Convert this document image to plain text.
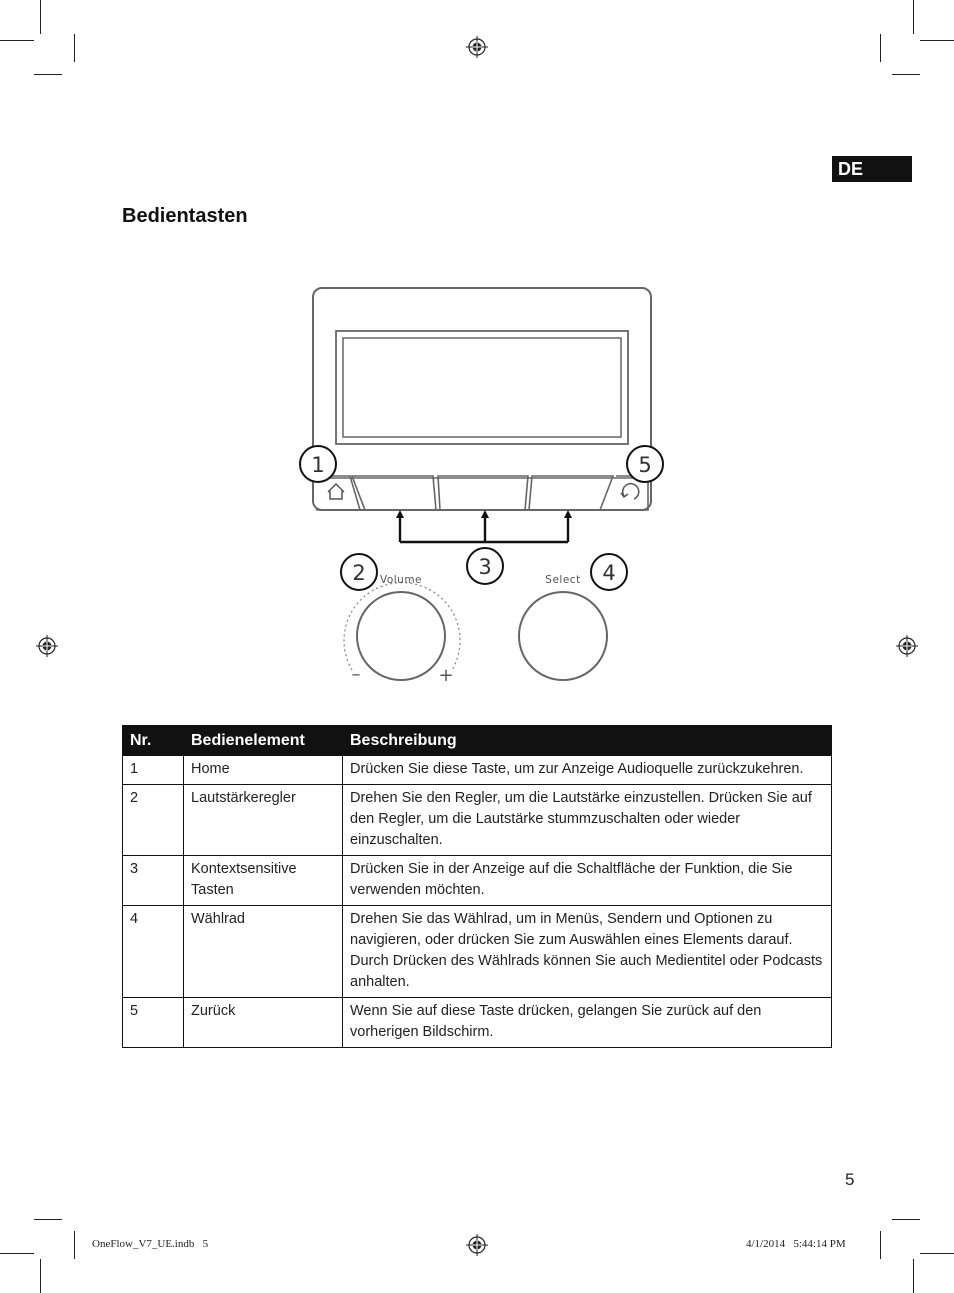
DE
Bedientasten
Volume
–	+
Select
1	5
2	3	4
Nr.	Bedienelement	Beschreibung
1	Home	Drücken Sie diese Taste, um zur Anzeige Audioquelle zurückzukehren.
2	Lautstärkeregler	Drehen Sie den Regler, um die Lautstärke einzustellen. Drücken Sie auf den Regler, um die Lautstärke stummzuschalten oder wieder einzuschalten.
3	Kontextsensitive Tasten	Drücken Sie in der Anzeige auf die Schaltfläche der Funktion, die Sie verwenden möchten.
4	Wählrad	Drehen Sie das Wählrad, um in Menüs, Sendern und Optionen zu navigieren, oder drücken Sie zum Auswählen eines Elements darauf. Durch Drücken des Wählrads können Sie auch Medientitel oder Podcasts anhalten.
5	Zurück	Wenn Sie auf diese Taste drücken, gelangen Sie zurück auf den vorherigen Bildschirm.
5
OneFlow_V7_UE.indb   5	4/1/2014   5:44:14 PM
